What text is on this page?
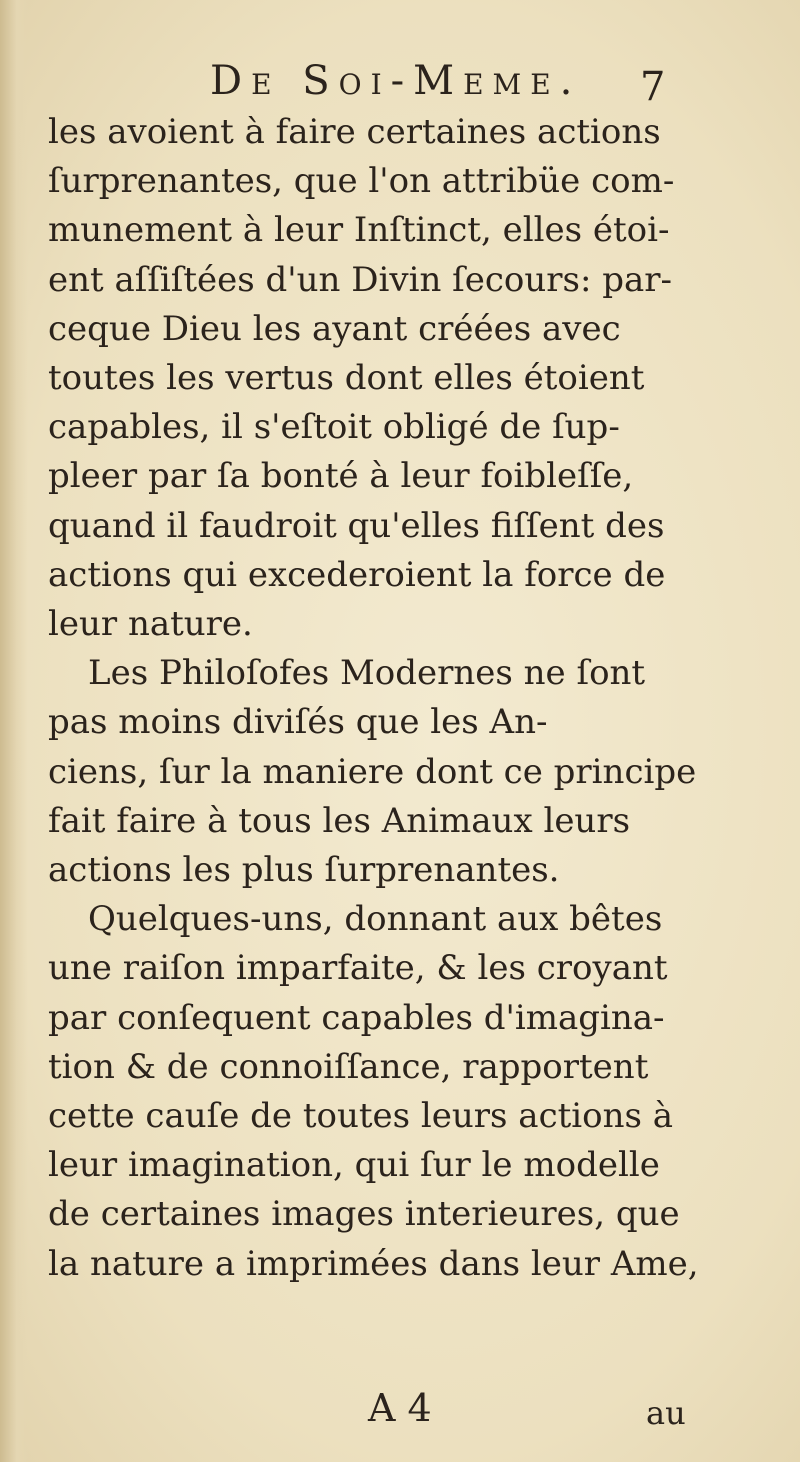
De Soi-Meme. 7
les avoient à faire certaines actions
ſurprenantes, que l'on attribüe com-
munement à leur Inſtinct, elles étoi-
ent aſſiſtées d'un Divin ſecours: par-
ceque Dieu les ayant créées avec
toutes les vertus dont elles étoient
capables, il s'eſtoit obligé de ſup-
pleer par ſa bonté à leur foibleſſe,
quand il faudroit qu'elles fiſſent des
actions qui excederoient la force de
leur nature.
Les Philoſofes Modernes ne ſont
pas moins diviſés que les An-
ciens, ſur la maniere dont ce principe
fait faire à tous les Animaux leurs
actions les plus ſurprenantes.
Quelques-uns, donnant aux bêtes
une raiſon imparfaite, & les croyant
par conſequent capables d'imagina-
tion & de connoiſſance, rapportent
cette cauſe de toutes leurs actions à
leur imagination, qui ſur le modelle
de certaines images interieures, que
la nature a imprimées dans leur Ame,
A 4	au
